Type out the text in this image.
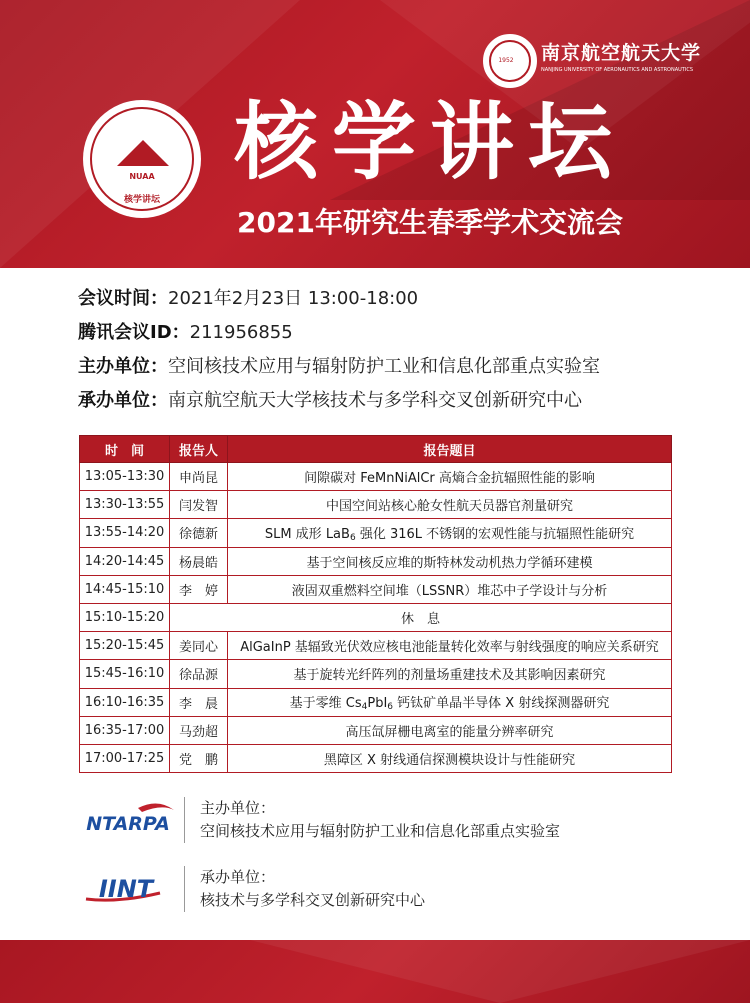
1952	南京航空航天大学
NANJING UNIVERSITY OF AERONAUTICS AND ASTRONAUTICS
NUAA
核学讲坛
核学讲坛
2021年研究生春季学术交流会
会议时间：2021年2月23日 13:00-18:00
腾讯会议ID：211956855
主办单位：空间核技术应用与辐射防护工业和信息化部重点实验室
承办单位：南京航空航天大学核技术与多学科交叉创新研究中心
时　间	报告人	报告题目
13:05-13:30	申尚昆	间隙碳对 FeMnNiAlCr 高熵合金抗辐照性能的影响
13:30-13:55	闫发智	中国空间站核心舱女性航天员器官剂量研究
13:55-14:20	徐德新	SLM 成形 LaB$_6$ 强化 316L 不锈钢的宏观性能与抗辐照性能研究
14:20-14:45	杨晨皓	基于空间核反应堆的斯特林发动机热力学循环建模
14:45-15:10	李　婷	液固双重燃料空间堆（LSSNR）堆芯中子学设计与分析
15:10-15:20	休　息	
15:20-15:45	姜同心	AlGaInP 基辐致光伏效应核电池能量转化效率与射线强度的响应关系研究
15:45-16:10	徐品源	基于旋转光纤阵列的剂量场重建技术及其影响因素研究
16:10-16:35	李　晨	基于零维 $Cs_4PbI_6$ 钙钛矿单晶半导体 X 射线探测器研究
16:35-17:00	马劲超	高压氙屏栅电离室的能量分辨率研究
17:00-17:25	党　鹏	黑障区 X 射线通信探测模块设计与性能研究
NTARPA
主办单位：
空间核技术应用与辐射防护工业和信息化部重点实验室
IINT	承办单位：
核技术与多学科交叉创新研究中心
